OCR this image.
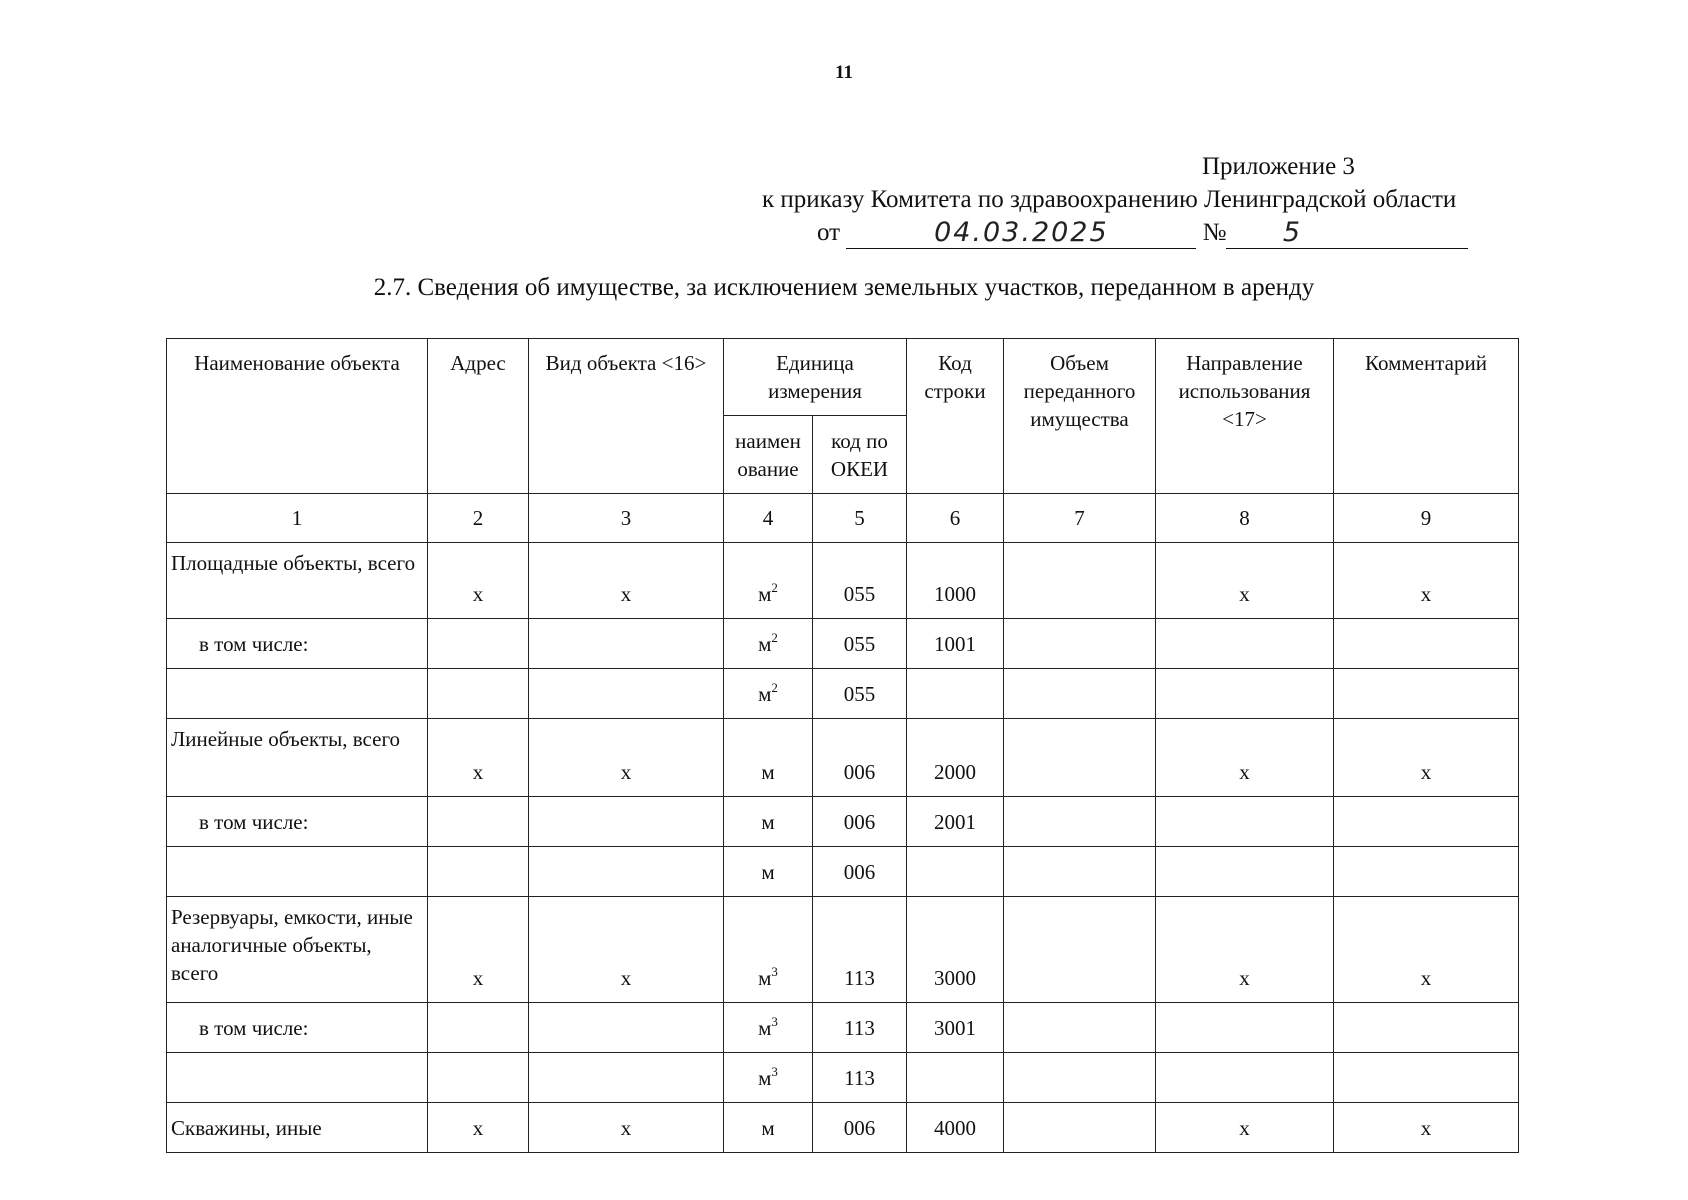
11
Приложение 3
к приказу Комитета по здравоохранению Ленинградской области
от	04.03.2025	№ 5
2.7. Сведения об имуществе, за исключением земельных участков, переданном в аренду
Наименование объекта	Адрес	Вид объекта <16>	Единица измерения		Код строки	Объем переданного имущества	Направление использования <17>	Комментарий
			наимен ование	код по ОКЕИ				
1	2	3	4	5	6	7	8	9
Площадные объекты, всего	х	х	$м^2$	055	1000		х	х
в том числе:			$м^2$	055	1001			
			$м^2$	055				
Линейные объекты, всего	х	х	м	006	2000		х	х
в том числе:			м	006	2001			
			м	006				
Резервуары, емкости, иные аналогичные объекты, всего	х	х	$м^3$	113	3000		х	х
в том числе:			$м^3$	113	3001			
			$м^3$	113				
Скважины, иные	х	х	м	006	4000		х	х
